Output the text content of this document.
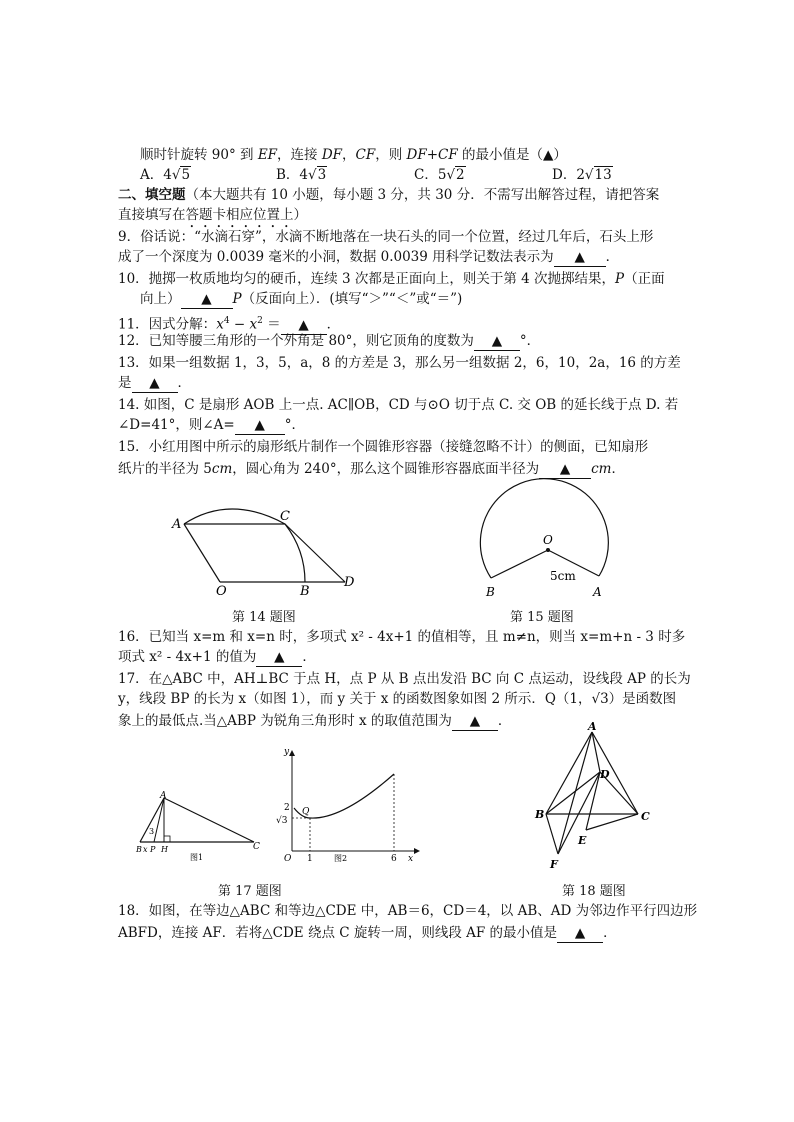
顺时针旋转 90° 到 EF，连接 DF，CF，则 DF+CF 的最小值是（▲）
A．4√5	B．4√3	C．5√2	D．2√13
二、填空题（本大题共有 10 小题，每小题 3 分，共 30 分．不需写出解答过程，请把答案
直接填写在答题卡相应位置上）
9．俗话说：“水滴石穿”，水滴不断地落在一块石头的同一个位置，经过几年后，石头上形
成了一个深度为 0.0039 毫米的小洞，数据 0.0039 用科学记数法表示为 ▲ ．
10．抛掷一枚质地均匀的硬币，连续 3 次都是正面向上，则关于第 4 次抛掷结果，P（正面
向上） ▲ P（反面向上）．(填写“＞”“＜”或“＝”)
11．因式分解：$x^4 - x^2$ ＝ ▲ ．
12．已知等腰三角形的一个外角是 80°，则它顶角的度数为 ▲ °．
13．如果一组数据 1，3，5，a，8 的方差是 3，那么另一组数据 2，6，10，2a，16 的方差
是 ▲ ．
14. 如图，C 是扇形 AOB 上一点. AC∥OB，CD 与⊙O 切于点 C. 交 OB 的延长线于点 D. 若
∠D=41°，则∠A= ▲ °．
15．小红用图中所示的扇形纸片制作一个圆锥形容器（接缝忽略不计）的侧面，已知扇形
纸片的半径为 5cm，圆心角为 240°，那么这个圆锥形容器底面半径为 ▲ cm．
A
C
O	B
D
第 14 题图
O
5cm
B	A
第 15 题图
16．已知当 x=m 和 x=n 时，多项式 x² - 4x+1 的值相等，且 m≠n，则当 x=m+n - 3 时多
项式 x² - 4x+1 的值为 ▲ ．
17．在△ABC 中，AH⊥BC 于点 H，点 P 从 B 点出发沿 BC 向 C 点运动，设线段 AP 的长为
y，线段 BP 的长为 x（如图 1），而 y 关于 x 的函数图象如图 2 所示．Q（1，√3）是函数图
象上的最低点.当△ABP 为锐角三角形时 x 的取值范围为 ▲ ．
A
B x P H	C
3
图1
y
O
2
√3
Q
1	6 x
图2
第 17 题图
A
D
B	C
E
F
第 18 题图
18．如图，在等边△ABC 和等边△CDE 中，AB＝6，CD＝4，以 AB、AD 为邻边作平行四边形
ABFD，连接 AF．若将△CDE 绕点 C 旋转一周，则线段 AF 的最小值是 ▲ ．
